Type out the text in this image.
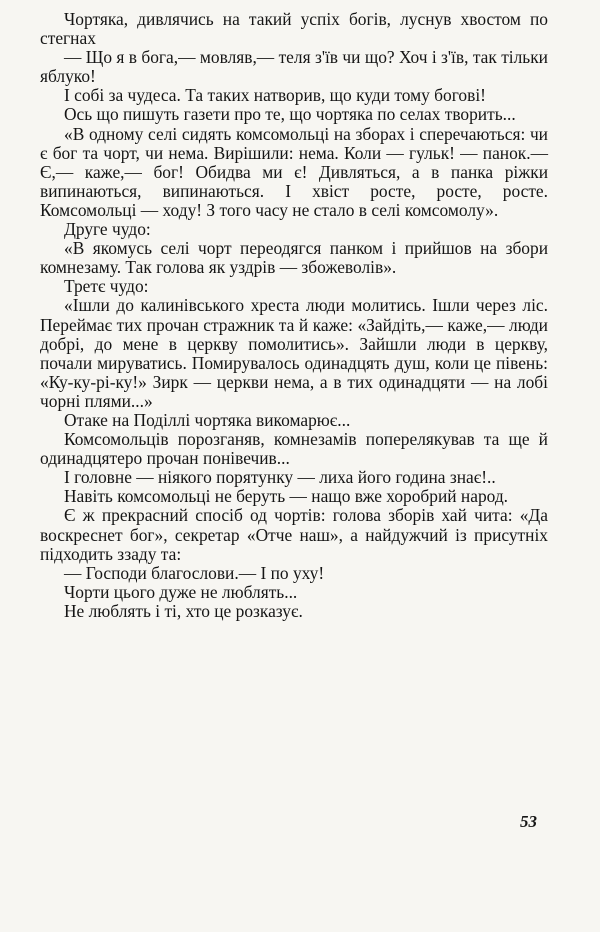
Чортяка, дивлячись на такий успіх богів, луснув хвостом по стегнах

— Що я в бога,— мовляв,— теля з'їв чи що? Хоч і з'їв, так тільки яблуко!

І собі за чудеса. Та таких натворив, що куди тому богові!

Ось що пишуть газети про те, що чортяка по селах творить...

«В одному селі сидять комсомольці на зборах і сперечаються: чи є бог та чорт, чи нема. Вирішили: нема. Коли — гульк! — панок.— Є,— каже,— бог! Обидва ми є! Дивляться, а в панка ріжки випинаються, випинаються. І хвіст росте, росте, росте. Комсомольці — ходу! З того часу не стало в селі комсомолу».

Друге чудо:

«В якомусь селі чорт переодягся панком і прийшов на збори комнезаму. Так голова як уздрів — збожеволів».

Третє чудо:

«Ішли до калинівського хреста люди молитись. Ішли через ліс. Переймає тих прочан стражник та й каже: «Зайдіть,— каже,— люди добрі, до мене в церкву помолитись». Зайшли люди в церкву, почали мируватись. Помирувалось одинадцять душ, коли це півень: «Ку-ку-рі-ку!» Зирк — церкви нема, а в тих одинадцяти — на лобі чорні плями...»

Отаке на Поділлі чортяка викомарює...

Комсомольців порозганяв, комнезамів поперелякував та ще й одинадцятеро прочан понівечив...

І головне — ніякого порятунку — лиха його година знає!..

Навіть комсомольці не беруть — нащо вже хоробрий народ.

Є ж прекрасний спосіб од чортів: голова зборів хай чита: «Да воскреснет бог», секретар «Отче наш», а найдужчий із присутніх підходить ззаду та:

— Господи благослови.— І по уху!

Чорти цього дуже не люблять...

Не люблять і ті, хто це розказує.

53
